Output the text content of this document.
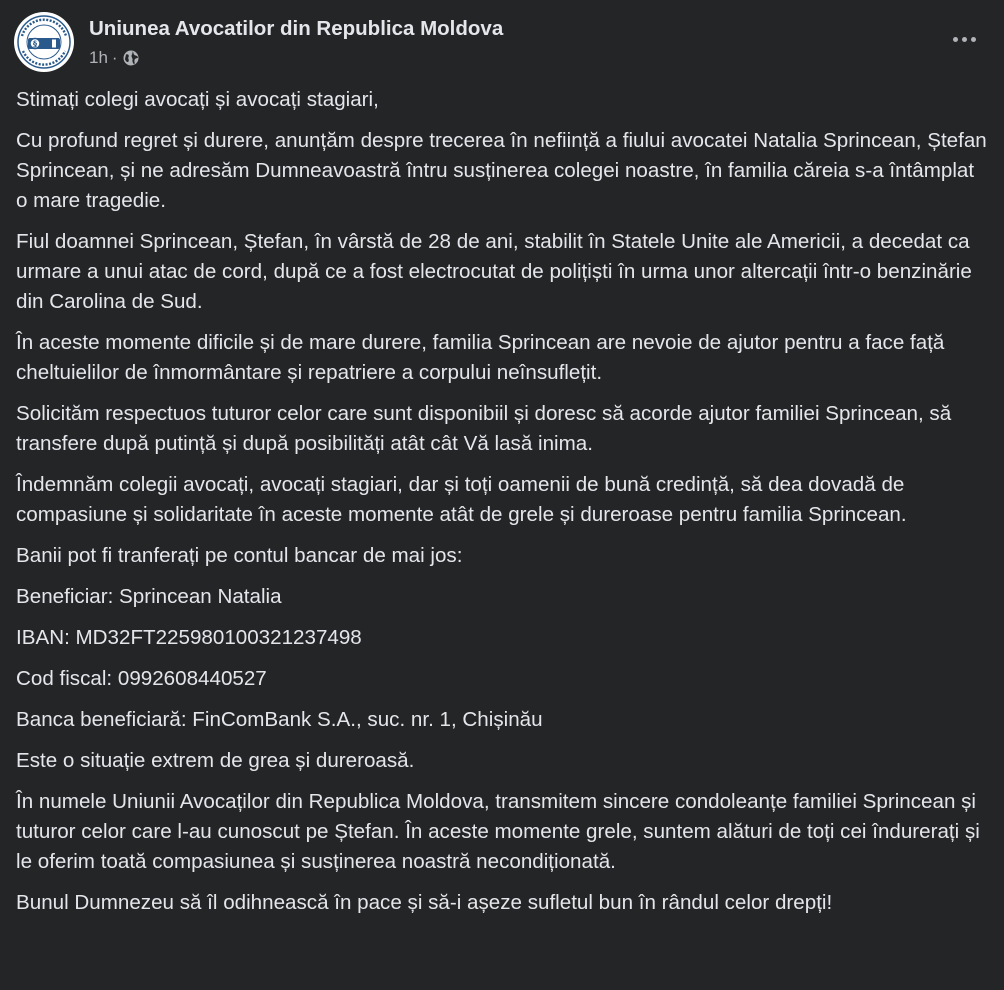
§
Uniunea Avocatilor din Republica Moldova
1h ·

Stimați colegi avocați și avocați stagiari,

Cu profund regret și durere, anunțăm despre trecerea în neființă a fiului avocatei Natalia Sprincean, Ștefan Sprincean, și ne adresăm Dumneavoastră întru susținerea colegei noastre, în familia căreia s-a întâmplat o mare tragedie.

Fiul doamnei Sprincean, Ștefan, în vârstă de 28 de ani, stabilit în Statele Unite ale Americii, a decedat ca urmare a unui atac de cord, după ce a fost electrocutat de polițiști în urma unor altercații într-o benzinărie din Carolina de Sud.

În aceste momente dificile și de mare durere, familia Sprincean are nevoie de ajutor pentru a face față cheltuielilor de înmormântare și repatriere a corpului neînsuflețit.

Solicităm respectuos tuturor celor care sunt disponibiil și doresc să acorde ajutor familiei Sprincean, să transfere după putință și după posibilități atât cât Vă lasă inima.

Îndemnăm colegii avocați, avocați stagiari, dar și toți oamenii de bună credință, să dea dovadă de compasiune și solidaritate în aceste momente atât de grele și dureroase pentru familia Sprincean.

Banii pot fi tranferați pe contul bancar de mai jos:

Beneficiar: Sprincean Natalia

IBAN: MD32FT225980100321237498

Cod fiscal: 0992608440527

Banca beneficiară: FinComBank S.A., suc. nr. 1, Chișinău

Este o situație extrem de grea și dureroasă.

În numele Uniunii Avocaților din Republica Moldova, transmitem sincere condoleanțe familiei Sprincean și tuturor celor care l-au cunoscut pe Ștefan. În aceste momente grele, suntem alături de toți cei îndurerați și le oferim toată compasiunea și susținerea noastră necondiționată.

Bunul Dumnezeu să îl odihnească în pace și să-i așeze sufletul bun în rândul celor drepți!
